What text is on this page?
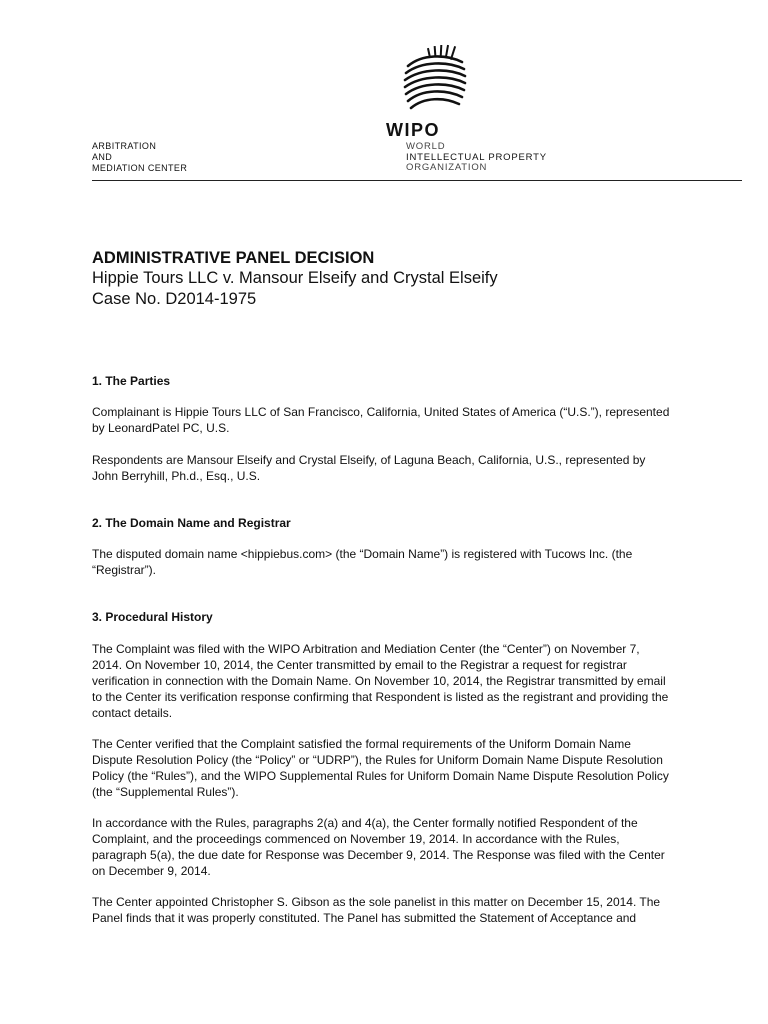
ARBITRATION
AND
MEDIATION CENTER
WIPO
WORLD
INTELLECTUAL PROPERTY
ORGANIZATION
ADMINISTRATIVE PANEL DECISION
Hippie Tours LLC v. Mansour Elseify and Crystal Elseify
Case No. D2014-1975
1. The Parties

Complainant is Hippie Tours LLC of San Francisco, California, United States of America (“U.S.”), represented

by LeonardPatel PC, U.S.

Respondents are Mansour Elseify and Crystal Elseify, of Laguna Beach, California, U.S., represented by

John Berryhill, Ph.d., Esq., U.S.

2. The Domain Name and Registrar

The disputed domain name <hippiebus.com> (the “Domain Name”) is registered with Tucows Inc. (the

“Registrar”).

3. Procedural History

The Complaint was filed with the WIPO Arbitration and Mediation Center (the “Center”) on November 7,

2014. On November 10, 2014, the Center transmitted by email to the Registrar a request for registrar

verification in connection with the Domain Name. On November 10, 2014, the Registrar transmitted by email

to the Center its verification response confirming that Respondent is listed as the registrant and providing the

contact details.

The Center verified that the Complaint satisfied the formal requirements of the Uniform Domain Name

Dispute Resolution Policy (the “Policy” or “UDRP”), the Rules for Uniform Domain Name Dispute Resolution

Policy (the “Rules”), and the WIPO Supplemental Rules for Uniform Domain Name Dispute Resolution Policy

(the “Supplemental Rules”).

In accordance with the Rules, paragraphs 2(a) and 4(a), the Center formally notified Respondent of the

Complaint, and the proceedings commenced on November 19, 2014. In accordance with the Rules,

paragraph 5(a), the due date for Response was December 9, 2014. The Response was filed with the Center

on December 9, 2014.

The Center appointed Christopher S. Gibson as the sole panelist in this matter on December 15, 2014. The

Panel finds that it was properly constituted. The Panel has submitted the Statement of Acceptance and
